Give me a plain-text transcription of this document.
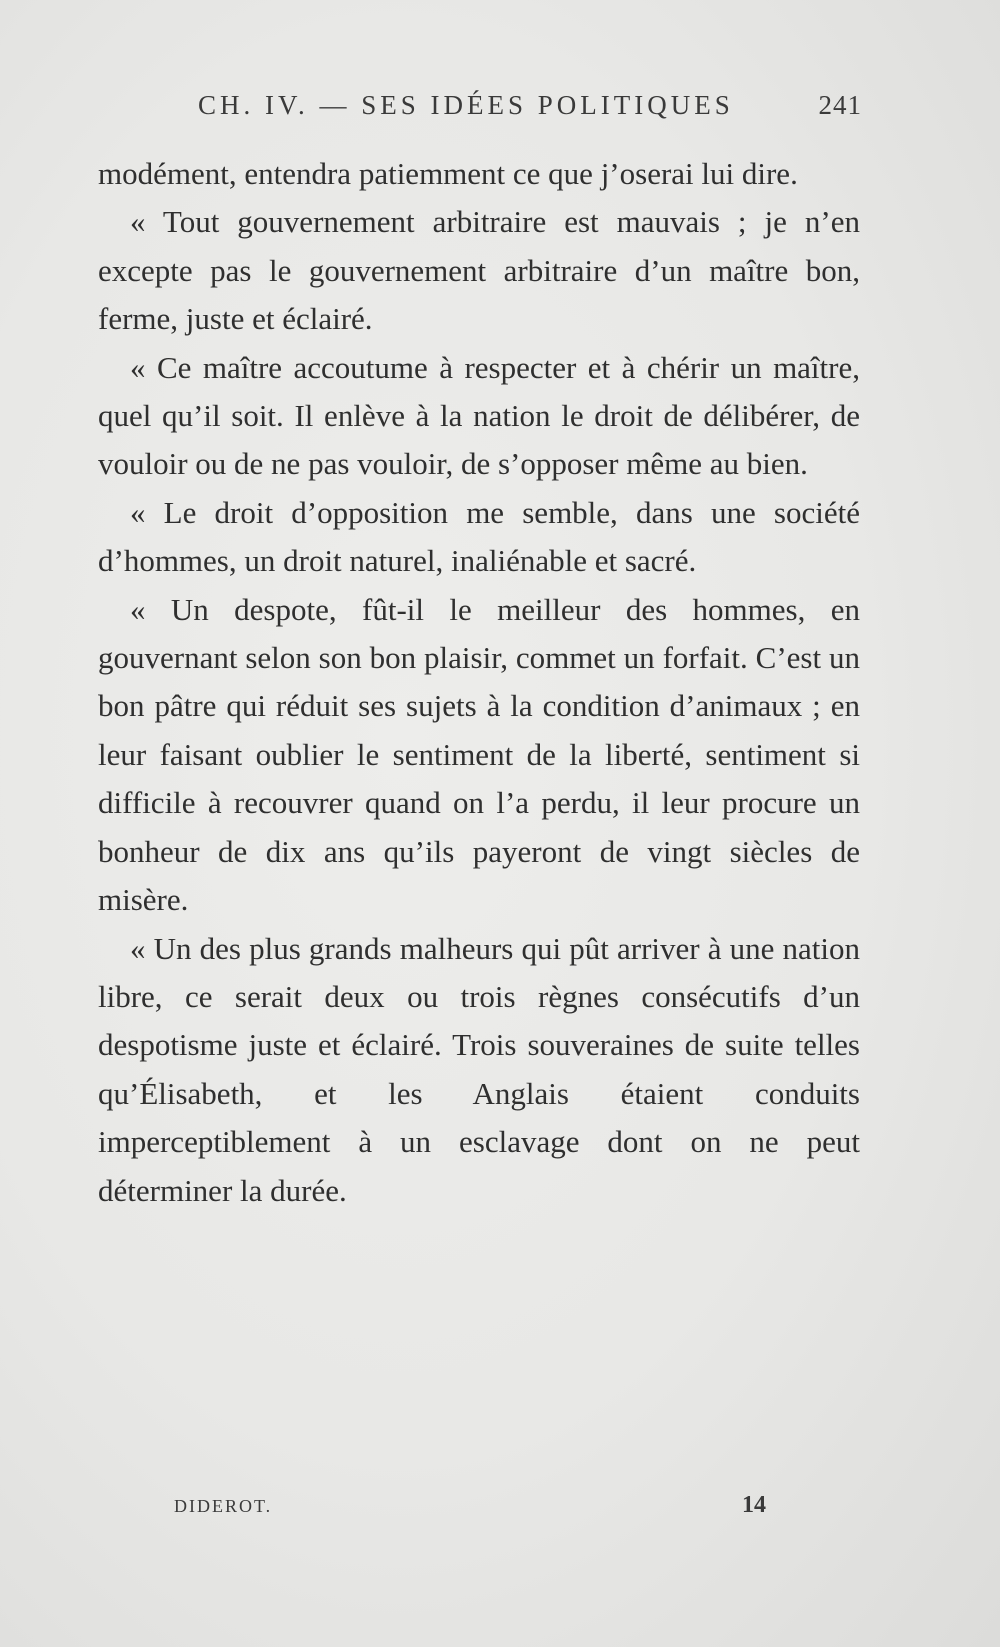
CH. IV. — SES IDÉES POLITIQUES	241

modément, entendra patiemment ce que j’oserai lui dire.

« Tout gouvernement arbitraire est mauvais ; je n’en excepte pas le gouvernement arbitraire d’un maître bon, ferme, juste et éclairé.

« Ce maître accoutume à respecter et à chérir un maître, quel qu’il soit. Il enlève à la nation le droit de délibérer, de vouloir ou de ne pas vouloir, de s’opposer même au bien.

« Le droit d’opposition me semble, dans une société d’hommes, un droit naturel, inaliénable et sacré.

« Un despote, fût-il le meilleur des hommes, en gouvernant selon son bon plaisir, commet un forfait. C’est un bon pâtre qui réduit ses sujets à la condition d’animaux ; en leur faisant oublier le sentiment de la liberté, sentiment si difficile à recouvrer quand on l’a perdu, il leur procure un bonheur de dix ans qu’ils payeront de vingt siècles de misère.

« Un des plus grands malheurs qui pût arriver à une nation libre, ce serait deux ou trois règnes consécutifs d’un despotisme juste et éclairé. Trois souveraines de suite telles qu’Élisabeth, et les Anglais étaient conduits imperceptiblement à un esclavage dont on ne peut déterminer la durée.

DIDEROT.	14
